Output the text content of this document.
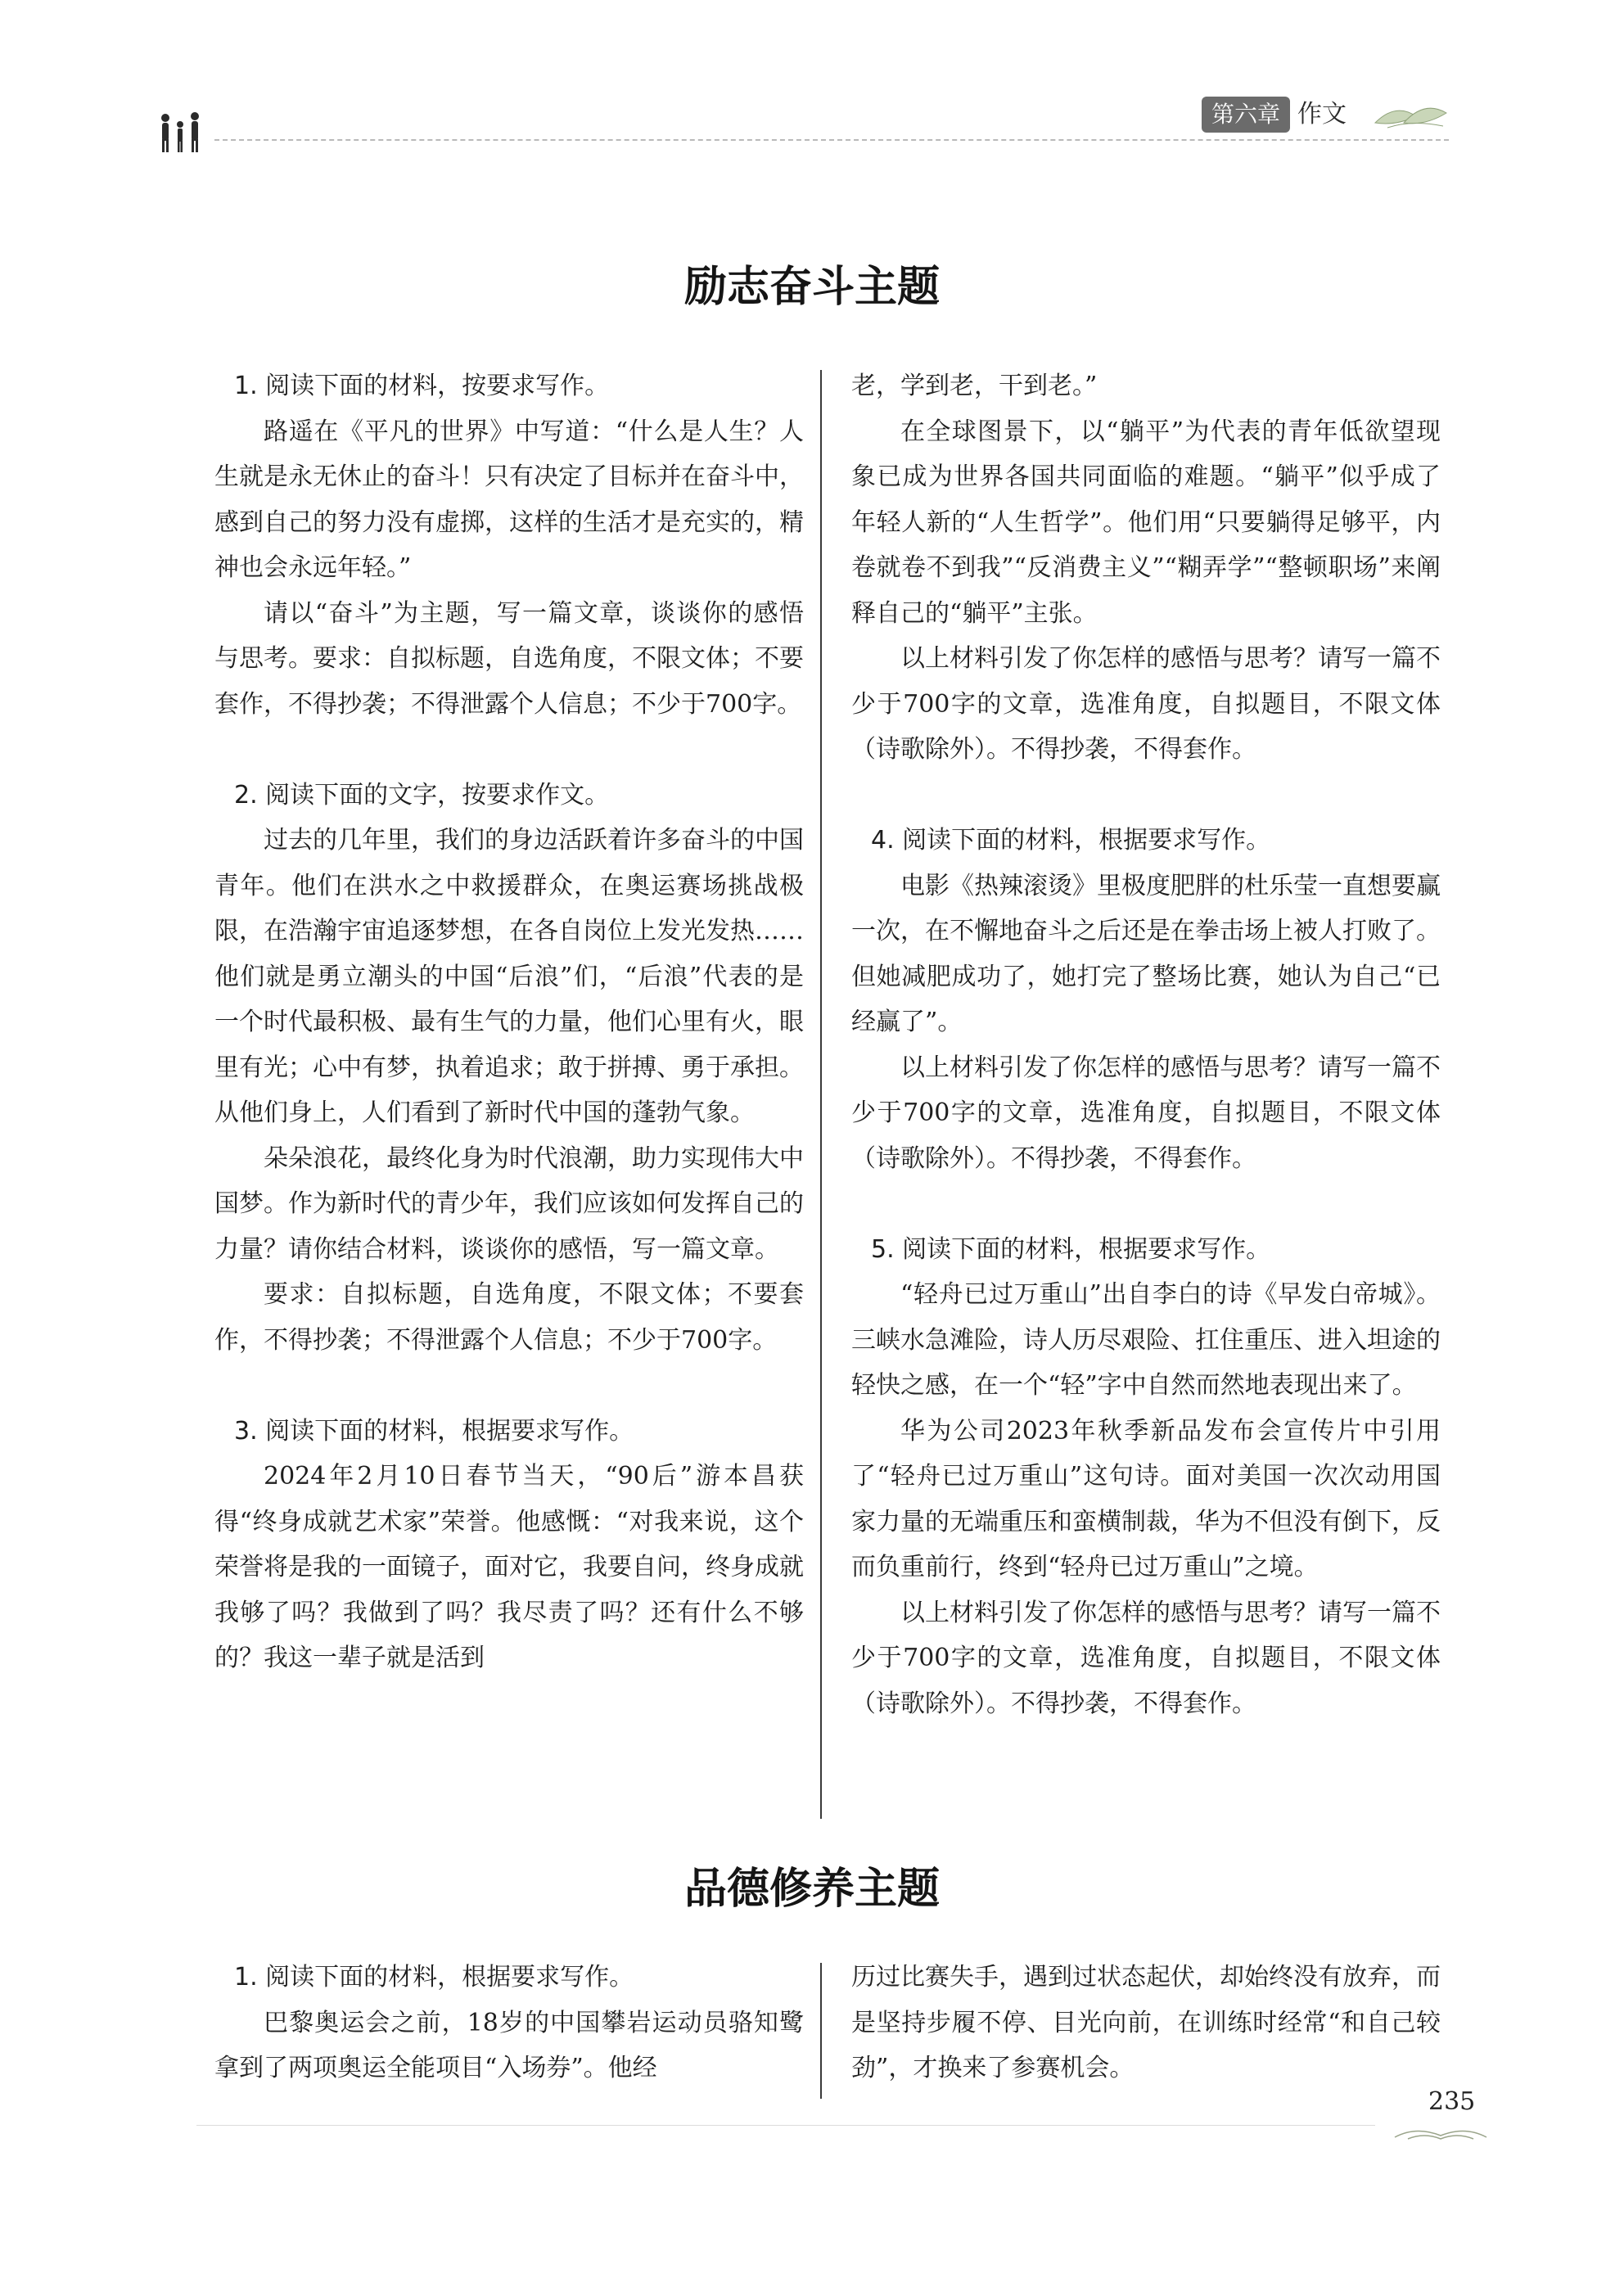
第六章 作文
励志奋斗主题

1. 阅读下面的材料，按要求写作。

路遥在《平凡的世界》中写道：“什么是人生？人生就是永无休止的奋斗！只有决定了目标并在奋斗中，感到自己的努力没有虚掷，这样的生活才是充实的，精神也会永远年轻。”

请以“奋斗”为主题，写一篇文章，谈谈你的感悟与思考。要求：自拟标题，自选角度，不限文体；不要套作，不得抄袭；不得泄露个人信息；不少于700字。

2. 阅读下面的文字，按要求作文。

过去的几年里，我们的身边活跃着许多奋斗的中国青年。他们在洪水之中救援群众，在奥运赛场挑战极限，在浩瀚宇宙追逐梦想，在各自岗位上发光发热……他们就是勇立潮头的中国“后浪”们，“后浪”代表的是一个时代最积极、最有生气的力量，他们心里有火，眼里有光；心中有梦，执着追求；敢于拼搏、勇于承担。从他们身上，人们看到了新时代中国的蓬勃气象。

朵朵浪花，最终化身为时代浪潮，助力实现伟大中国梦。作为新时代的青少年，我们应该如何发挥自己的力量？请你结合材料，谈谈你的感悟，写一篇文章。

要求：自拟标题，自选角度，不限文体；不要套作，不得抄袭；不得泄露个人信息；不少于700字。

3. 阅读下面的材料，根据要求写作。

2024年2月10日春节当天，“90后”游本昌获得“终身成就艺术家”荣誉。他感慨：“对我来说，这个荣誉将是我的一面镜子，面对它，我要自问，终身成就我够了吗？我做到了吗？我尽责了吗？还有什么不够的？我这一辈子就是活到

老，学到老，干到老。”

在全球图景下，以“躺平”为代表的青年低欲望现象已成为世界各国共同面临的难题。“躺平”似乎成了年轻人新的“人生哲学”。他们用“只要躺得足够平，内卷就卷不到我”“反消费主义”“糊弄学”“整顿职场”来阐释自己的“躺平”主张。

以上材料引发了你怎样的感悟与思考？请写一篇不少于700字的文章，选准角度，自拟题目，不限文体（诗歌除外）。不得抄袭，不得套作。

4. 阅读下面的材料，根据要求写作。

电影《热辣滚烫》里极度肥胖的杜乐莹一直想要赢一次，在不懈地奋斗之后还是在拳击场上被人打败了。但她减肥成功了，她打完了整场比赛，她认为自己“已经赢了”。

以上材料引发了你怎样的感悟与思考？请写一篇不少于700字的文章，选准角度，自拟题目，不限文体（诗歌除外）。不得抄袭，不得套作。

5. 阅读下面的材料，根据要求写作。

“轻舟已过万重山”出自李白的诗《早发白帝城》。三峡水急滩险，诗人历尽艰险、扛住重压、进入坦途的轻快之感，在一个“轻”字中自然而然地表现出来了。

华为公司2023年秋季新品发布会宣传片中引用了“轻舟已过万重山”这句诗。面对美国一次次动用国家力量的无端重压和蛮横制裁，华为不但没有倒下，反而负重前行，终到“轻舟已过万重山”之境。

以上材料引发了你怎样的感悟与思考？请写一篇不少于700字的文章，选准角度，自拟题目，不限文体（诗歌除外）。不得抄袭，不得套作。

品德修养主题

1. 阅读下面的材料，根据要求写作。

巴黎奥运会之前，18岁的中国攀岩运动员骆知鹭拿到了两项奥运全能项目“入场券”。他经

历过比赛失手，遇到过状态起伏，却始终没有放弃，而是坚持步履不停、目光向前，在训练时经常“和自己较劲”，才换来了参赛机会。

235
